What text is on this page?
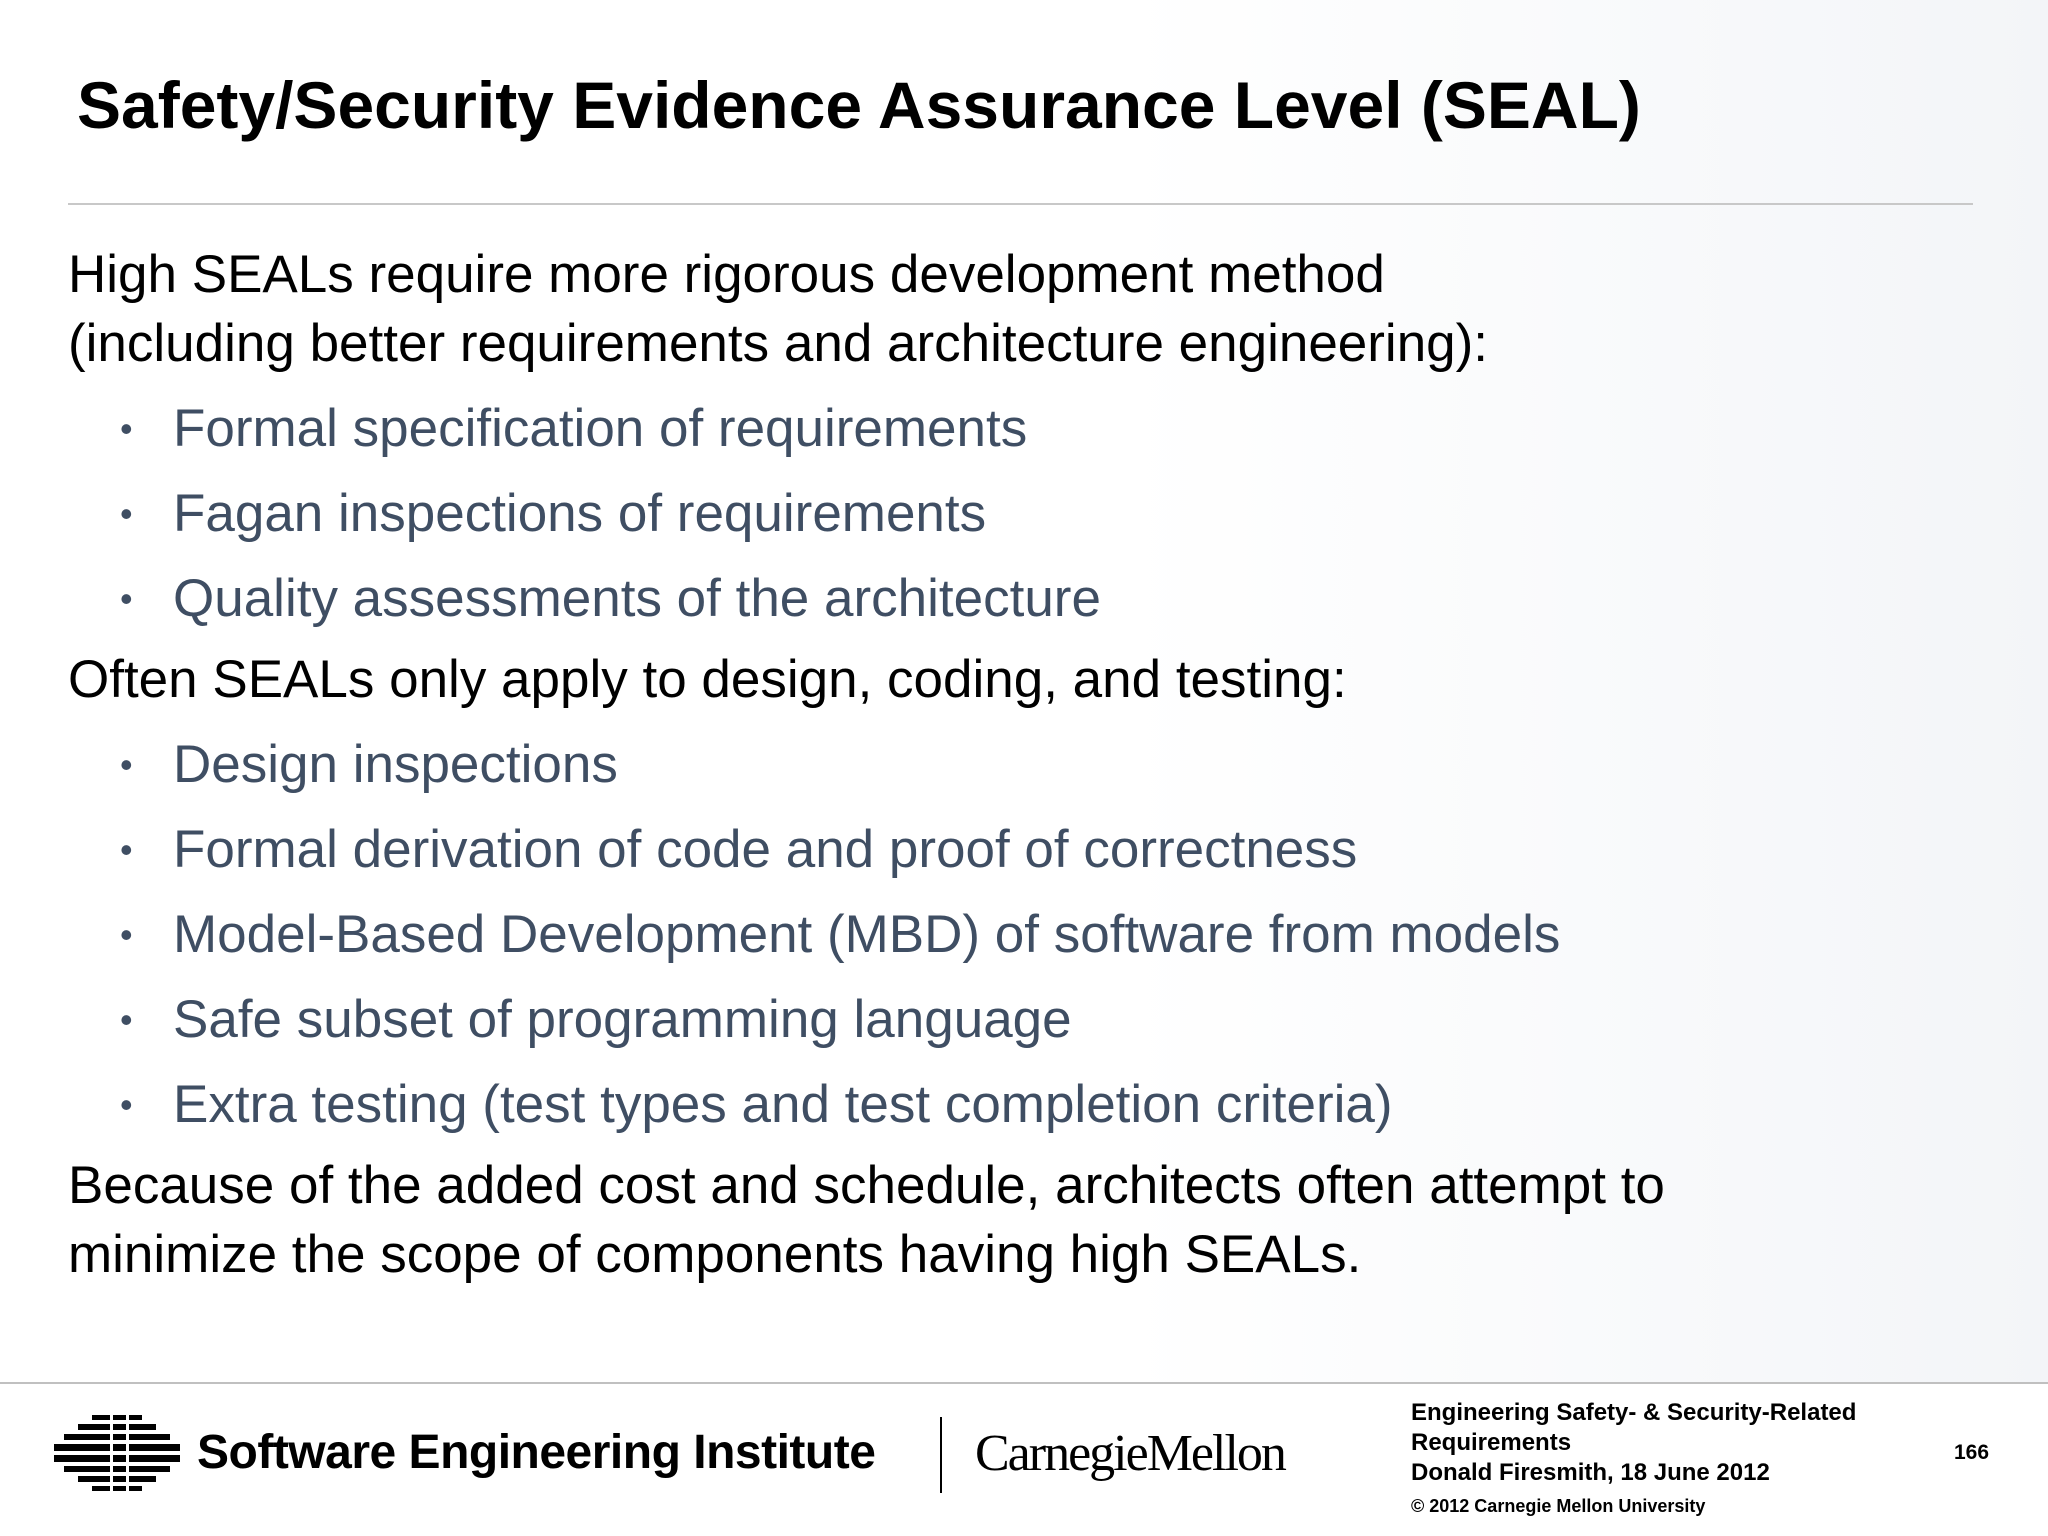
Safety/Security Evidence Assurance Level (SEAL)

High SEALs require more rigorous development method
(including better requirements and architecture engineering):

• Formal specification of requirements
• Fagan inspections of requirements
• Quality assessments of the architecture

Often SEALs only apply to design, coding, and testing:

• Design inspections
• Formal derivation of code and proof of correctness
• Model-Based Development (MBD) of software from models
• Safe subset of programming language
• Extra testing (test types and test completion criteria)

Because of the added cost and schedule, architects often attempt to
minimize the scope of components having high SEALs.

Software Engineering Institute CarnegieMellon
Engineering Safety- & Security-Related
Requirements
Donald Firesmith, 18 June 2012
© 2012 Carnegie Mellon University
166
